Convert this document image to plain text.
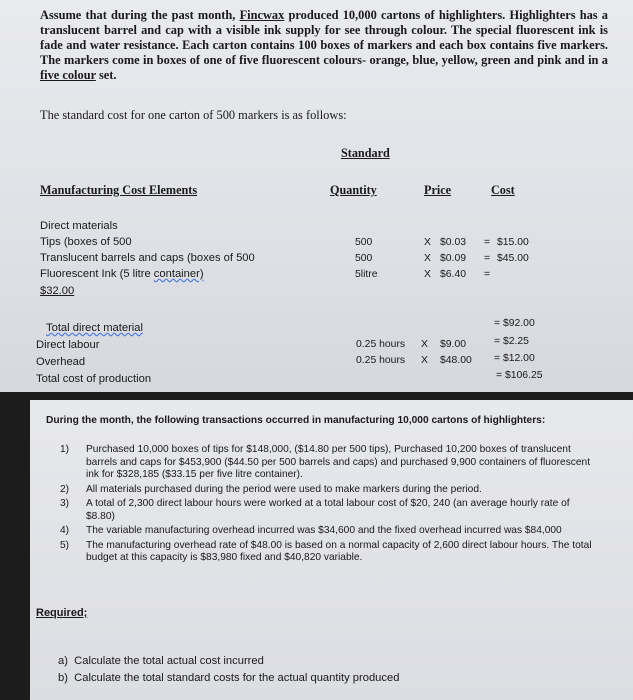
Assume that during the past month, Fincwax produced 10,000 cartons of highlighters. Highlighters has a translucent barrel and cap with a visible ink supply for see through colour. The special fluorescent ink is fade and water resistance. Each carton contains 100 boxes of markers and each box contains five markers. The markers come in boxes of one of five fluorescent colours- orange, blue, yellow, green and pink and in a five colour set.
The standard cost for one carton of 500 markers is as follows:
Standard
Manufacturing Cost Elements	Quantity	Price	Cost
Direct materials
Tips (boxes of 500	500	X $0.03 = $15.00
Translucent barrels and caps (boxes of 500	500	X $0.09 = $45.00
Fluorescent Ink (5 litre container)	5litre	X $6.40 =
$32.00
Total direct material	= $92.00
Direct labour	0.25 hours X $9.00	= $2.25
Overhead	0.25 hours X $48.00 = $12.00
Total cost of production	= $106.25
During the month, the following transactions occurred in manufacturing 10,000 cartons of highlighters:
1) Purchased 10,000 boxes of tips for $148,000, ($14.80 per 500 tips), Purchased 10,200 boxes of translucent barrels and caps for $453,900 ($44.50 per 500 barrels and caps) and purchased 9,900 containers of fluorescent ink for $328,185 ($33.15 per five litre container).
2) All materials purchased during the period were used to make markers during the period.
3) A total of 2,300 direct labour hours were worked at a total labour cost of $20, 240 (an average hourly rate of $8.80)
4) The variable manufacturing overhead incurred was $34,600 and the fixed overhead incurred was $84,000
5) The manufacturing overhead rate of $48.00 is based on a normal capacity of 2,600 direct labour hours. The total budget at this capacity is $83,980 fixed and $40,820 variable.
Required;
a) Calculate the total actual cost incurred
b) Calculate the total standard costs for the actual quantity produced
